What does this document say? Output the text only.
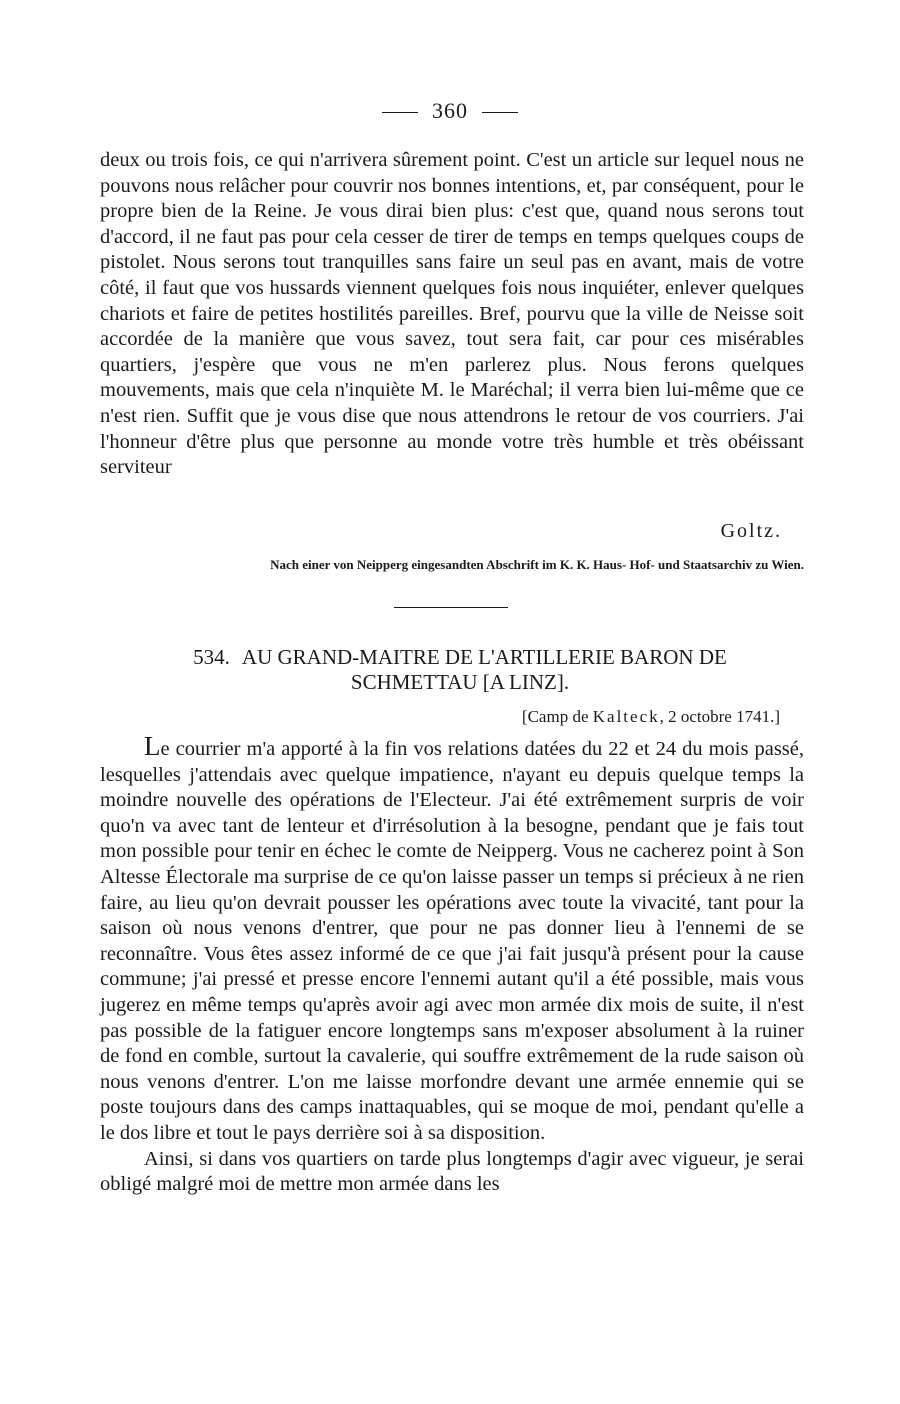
360

deux ou trois fois, ce qui n'arrivera sûrement point. C'est un article sur lequel nous ne pouvons nous relâcher pour couvrir nos bonnes intentions, et, par conséquent, pour le propre bien de la Reine. Je vous dirai bien plus: c'est que, quand nous serons tout d'accord, il ne faut pas pour cela cesser de tirer de temps en temps quelques coups de pistolet. Nous serons tout tranquilles sans faire un seul pas en avant, mais de votre côté, il faut que vos hussards viennent quelques fois nous inquiéter, enlever quelques chariots et faire de petites hostilités pareilles. Bref, pourvu que la ville de Neisse soit accordée de la manière que vous savez, tout sera fait, car pour ces misérables quartiers, j'espère que vous ne m'en parlerez plus. Nous ferons quelques mouvements, mais que cela n'inquiète M. le Maréchal; il verra bien lui-même que ce n'est rien. Suffit que je vous dise que nous attendrons le retour de vos courriers. J'ai l'honneur d'être plus que personne au monde votre très humble et très obéissant serviteur

Goltz.
Nach einer von Neipperg eingesandten Abschrift im K. K. Haus- Hof- und Staatsarchiv zu Wien.
534. AU GRAND-MAITRE DE L'ARTILLERIE BARON DE
SCHMETTAU [A LINZ].
[Camp de Kalteck, 2 octobre 1741.]

Le courrier m'a apporté à la fin vos relations datées du 22 et 24 du mois passé, lesquelles j'attendais avec quelque impatience, n'ayant eu depuis quelque temps la moindre nouvelle des opérations de l'Electeur. J'ai été extrêmement surpris de voir quo'n va avec tant de lenteur et d'irrésolution à la besogne, pendant que je fais tout mon possible pour tenir en échec le comte de Neipperg. Vous ne cacherez point à Son Altesse Électorale ma surprise de ce qu'on laisse passer un temps si précieux à ne rien faire, au lieu qu'on devrait pousser les opérations avec toute la vivacité, tant pour la saison où nous venons d'entrer, que pour ne pas donner lieu à l'ennemi de se reconnaître. Vous êtes assez informé de ce que j'ai fait jusqu'à présent pour la cause commune; j'ai pressé et presse encore l'ennemi autant qu'il a été possible, mais vous jugerez en même temps qu'après avoir agi avec mon armée dix mois de suite, il n'est pas possible de la fatiguer encore longtemps sans m'exposer absolument à la ruiner de fond en comble, surtout la cavalerie, qui souffre extrêmement de la rude saison où nous venons d'entrer. L'on me laisse morfondre devant une armée ennemie qui se poste toujours dans des camps inattaquables, qui se moque de moi, pendant qu'elle a le dos libre et tout le pays derrière soi à sa disposition.

Ainsi, si dans vos quartiers on tarde plus longtemps d'agir avec vigueur, je serai obligé malgré moi de mettre mon armée dans les
